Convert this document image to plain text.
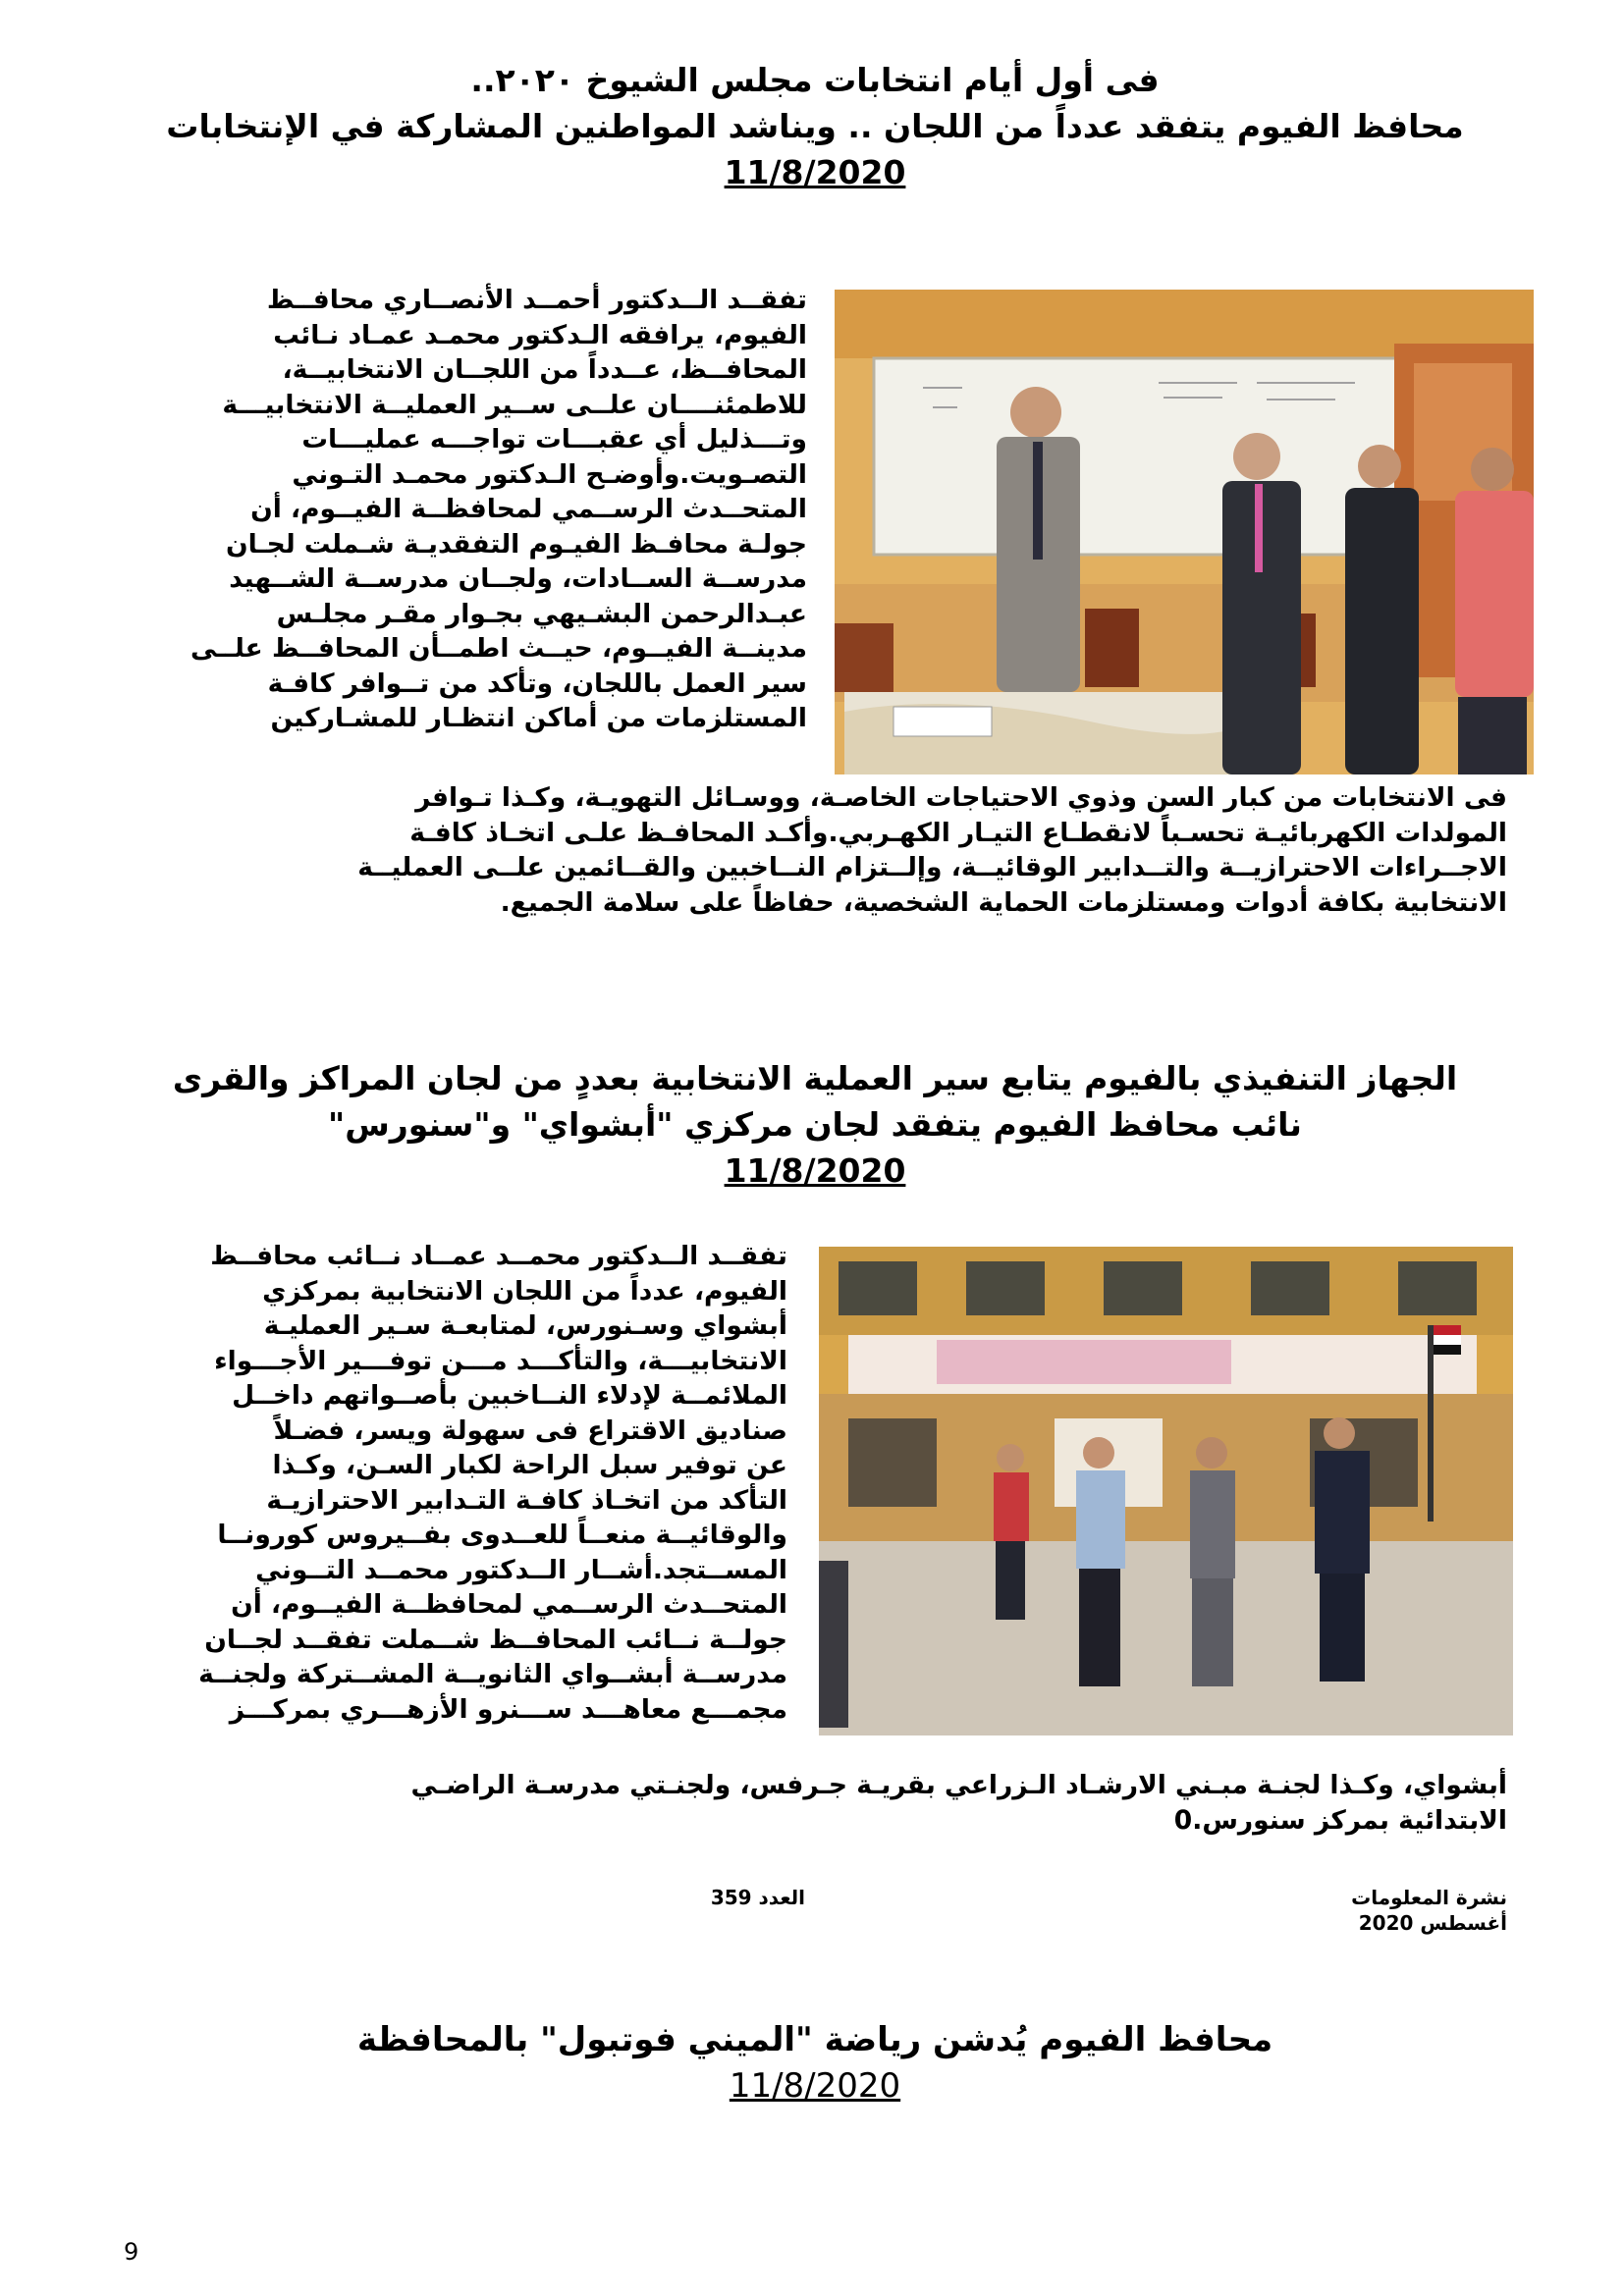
فى أول أيام انتخابات مجلس الشيوخ ٢٠٢٠..
محافظ الفيوم يتفقد عدداً من اللجان .. ويناشد المواطنين المشاركة في الإنتخابات
11/8/2020
تفقــد الــدكتور أحمــد الأنصــاري محافــظ
الفيوم، يرافقه الـدكتور محمـد عمـاد نـائب
المحافــظ، عــدداً من اللجــان الانتخابيــة،
للاطمئنــــان علــى ســير العمليــة الانتخابيـــة
وتـــذليل أي عقبـــات تواجـــه عمليـــات
التصـويت.وأوضـح الـدكتور محمـد التـوني
المتحــدث الرســمي لمحافظــة الفيــوم، أن
جولـة محافـظ الفيـوم التفقديـة شـملت لجـان
مدرســة الســادات، ولجــان مدرســة الشــهيد
عبـدالرحمن البشـيهي بجـوار مقـر مجلـس
مدينــة الفيــوم، حيــث اطمــأن المحافــظ علــى
سير العمل باللجان، وتأكد من تــوافر كافـة
المستلزمات من أماكن انتظـار للمشـاركين
فى الانتخابات من كبار السن وذوي الاحتياجات الخاصـة، ووسـائل التهويـة، وكـذا تـوافر
المولدات الكهربائيـة تحسـباً لانقطـاع التيـار الكهـربي.وأكـد المحافـظ علـى اتخـاذ كافـة
الاجــراءات الاحترازيــة والتــدابير الوقائيــة، وإلــتزام النــاخبين والقــائمين علــى العمليــة
الانتخابية بكافة أدوات ومستلزمات الحماية الشخصية، حفاظاً على سلامة الجميع.
الجهاز التنفيذي بالفيوم يتابع سير العملية الانتخابية بعددٍ من لجان المراكز والقرى
نائب محافظ الفيوم يتفقد لجان مركزي "أبشواي" و"سنورس"
11/8/2020
تفقــد الــدكتور محمــد عمــاد نــائب محافــظ
الفيوم، عدداً من اللجان الانتخابية بمركزي
أبشواي وسـنورس، لمتابعـة سـير العمليـة
الانتخابيـــة، والتأكـــد مـــن توفـــير الأجـــواء
الملائمــة لإدلاء النــاخبين بأصــواتهم داخــل
صناديق الاقتراع فى سهولة ويسر، فضـلاً
عن توفير سبل الراحة لكبار السـن، وكـذا
التأكد من اتخـاذ كافـة التـدابير الاحترازيـة
والوقائيــة منعــاً للعــدوى بفــيروس كورونــا
المســتجد.أشــار الــدكتور محمــد التــوني
المتحــدث الرســمي لمحافظــة الفيــوم، أن
جولــة نــائب المحافــظ شــملت تفقــد لجــان
مدرســة أبشــواي الثانويــة المشــتركة ولجنــة
مجمـــع معاهـــد ســـنرو الأزهـــري بمركـــز
أبشواي، وكـذا لجنـة مبـني الارشـاد الـزراعي بقريـة جـرفس، ولجنـتي مدرسـة الراضـي
الابتدائية بمركز سنورس.0
نشرة المعلومات
أغسطس 2020
العدد 359
محافظ الفيوم يُدشن رياضة "الميني فوتبول" بالمحافظة
11/8/2020
9
